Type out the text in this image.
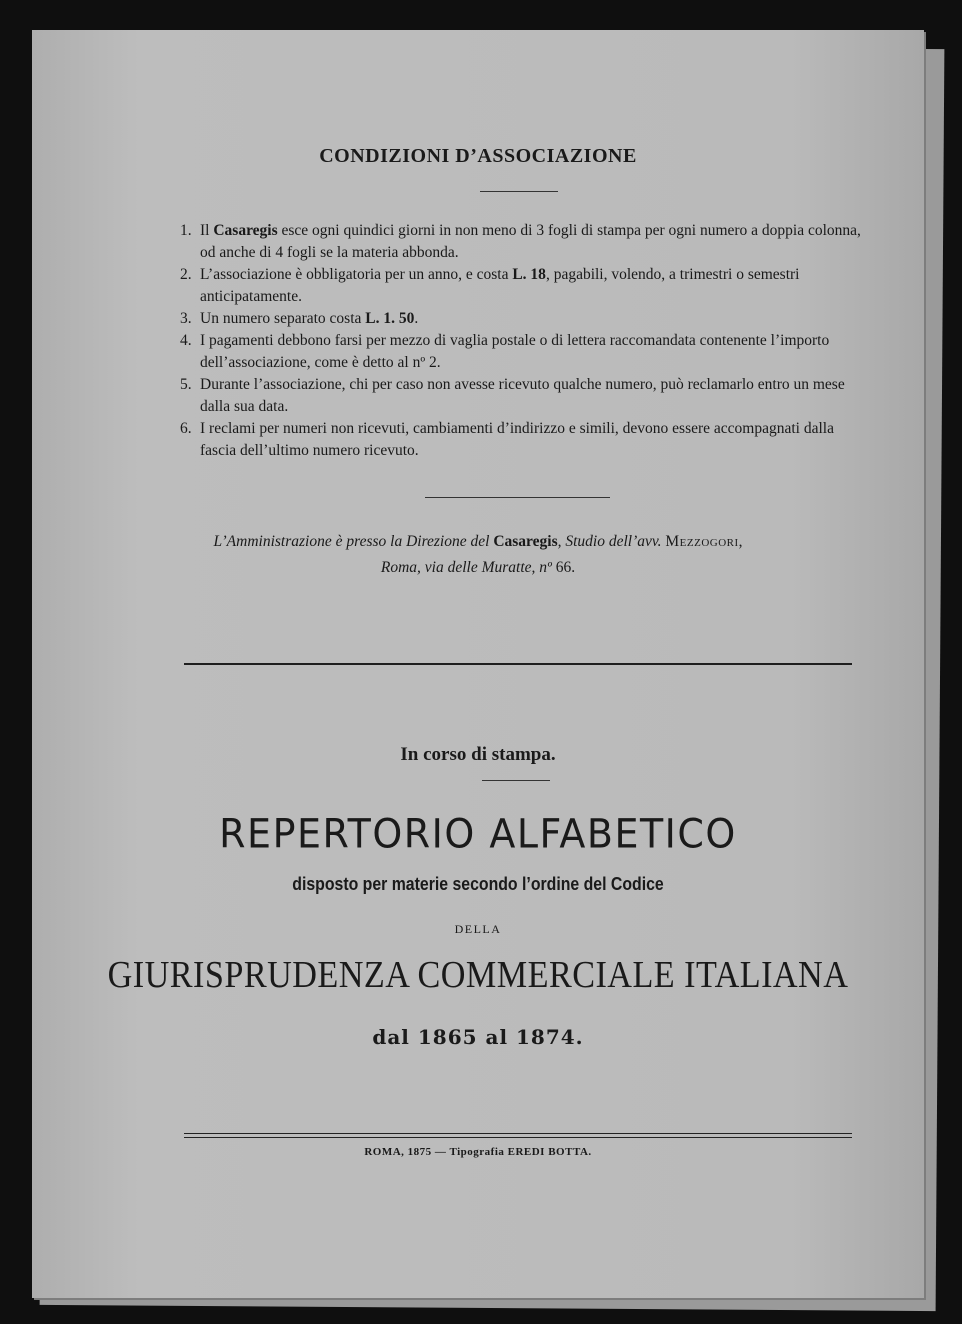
CONDIZIONI D’ASSOCIAZIONE
1. Il Casaregis esce ogni quindici giorni in non meno di 3 fogli di stampa per ogni numero a doppia colonna, od anche di 4 fogli se la materia abbonda.
2. L’associazione è obbligatoria per un anno, e costa L. 18, pagabili, volendo, a trimestri o semestri anticipatamente.
3. Un numero separato costa L. 1. 50.
4. I pagamenti debbono farsi per mezzo di vaglia postale o di lettera raccomandata contenente l’importo dell’associazione, come è detto al nº 2.
5. Durante l’associazione, chi per caso non avesse ricevuto qualche numero, può reclamarlo entro un mese dalla sua data.
6. I reclami per numeri non ricevuti, cambiamenti d’indirizzo e simili, devono essere accompagnati dalla fascia dell’ultimo numero ricevuto.
L’Amministrazione è presso la Direzione del Casaregis, Studio dell’avv. Mezzogori,
Roma, via delle Muratte, nº 66.
In corso di stampa.
REPERTORIO ALFABETICO
disposto per materie secondo l’ordine del Codice
DELLA
GIURISPRUDENZA COMMERCIALE ITALIANA
dal 1865 al 1874.
ROMA, 1875 — Tipografia EREDI BOTTA.
